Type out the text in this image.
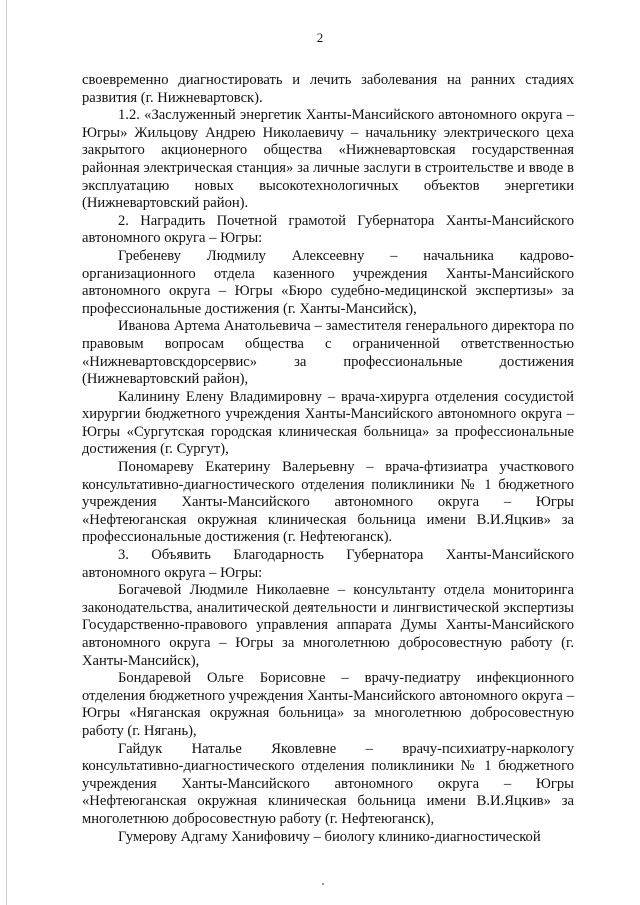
2

своевременно диагностировать и лечить заболевания на ранних стадиях развития (г. Нижневартовск).

1.2. «Заслуженный энергетик Ханты-Мансийского автономного округа – Югры» Жильцову Андрею Николаевичу – начальнику электрического цеха закрытого акционерного общества «Нижневартовская государственная районная электрическая станция» за личные заслуги в строительстве и вводе в эксплуатацию новых высокотехнологичных объектов энергетики (Нижневартовский район).

2. Наградить Почетной грамотой Губернатора Ханты-Мансийского автономного округа – Югры:

Гребеневу Людмилу Алексеевну – начальника кадрово-организационного отдела казенного учреждения Ханты-Мансийского автономного округа – Югры «Бюро судебно-медицинской экспертизы» за профессиональные достижения (г. Ханты-Мансийск),

Иванова Артема Анатольевича – заместителя генерального директора по правовым вопросам общества с ограниченной ответственностью «Нижневартовскдорсервис» за профессиональные достижения (Нижневартовский район),

Калинину Елену Владимировну – врача-хирурга отделения сосудистой хирургии бюджетного учреждения Ханты-Мансийского автономного округа – Югры «Сургутская городская клиническая больница» за профессиональные достижения (г. Сургут),

Пономареву Екатерину Валерьевну – врача-фтизиатра участкового консультативно-диагностического отделения поликлиники № 1 бюджетного учреждения Ханты-Мансийского автономного округа – Югры «Нефтеюганская окружная клиническая больница имени В.И.Яцкив» за профессиональные достижения (г. Нефтеюганск).

3. Объявить Благодарность Губернатора Ханты-Мансийского автономного округа – Югры:

Богачевой Людмиле Николаевне – консультанту отдела мониторинга законодательства, аналитической деятельности и лингвистической экспертизы Государственно-правового управления аппарата Думы Ханты-Мансийского автономного округа – Югры за многолетнюю добросовестную работу (г. Ханты-Мансийск),

Бондаревой Ольге Борисовне – врачу-педиатру инфекционного отделения бюджетного учреждения Ханты-Мансийского автономного округа – Югры «Няганская окружная больница» за многолетнюю добросовестную работу (г. Нягань),

Гайдук Наталье Яковлевне – врачу-психиатру-наркологу консультативно-диагностического отделения поликлиники № 1 бюджетного учреждения Ханты-Мансийского автономного округа – Югры «Нефтеюганская окружная клиническая больница имени В.И.Яцкив» за многолетнюю добросовестную работу (г. Нефтеюганск),

Гумерову Адгаму Ханифовичу – биологу клинико-диагностической
